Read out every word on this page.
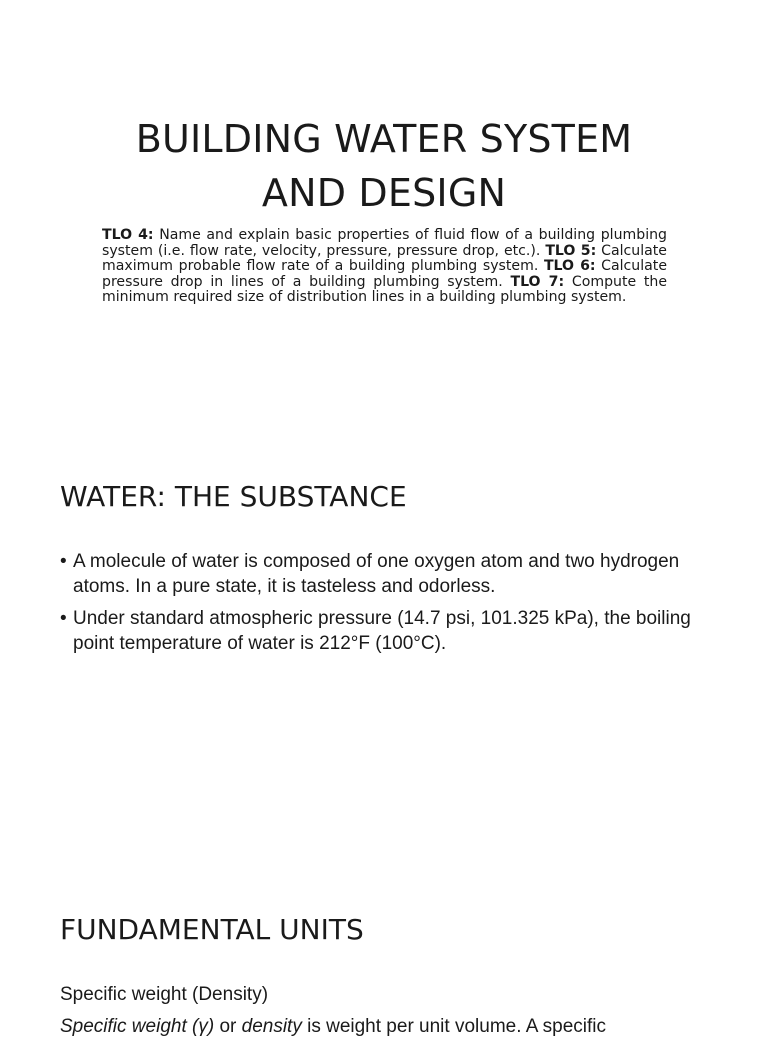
BUILDING WATER SYSTEM
AND DESIGN

TLO 4: Name and explain basic properties of fluid flow of a building plumbing system (i.e. flow rate, velocity, pressure, pressure drop, etc.). TLO 5: Calculate maximum probable flow rate of a building plumbing system. TLO 6: Calculate pressure drop in lines of a building plumbing system. TLO 7: Compute the minimum required size of distribution lines in a building plumbing system.

WATER: THE SUBSTANCE
• A molecule of water is composed of one oxygen atom and two hydrogen atoms. In a pure state, it is tasteless and odorless.
• Under standard atmospheric pressure (14.7 psi, 101.325 kPa), the boiling point temperature of water is 212°F (100°C).
FUNDAMENTAL UNITS

Specific weight (Density)

Specific weight (γ) or density is weight per unit volume. A specific
